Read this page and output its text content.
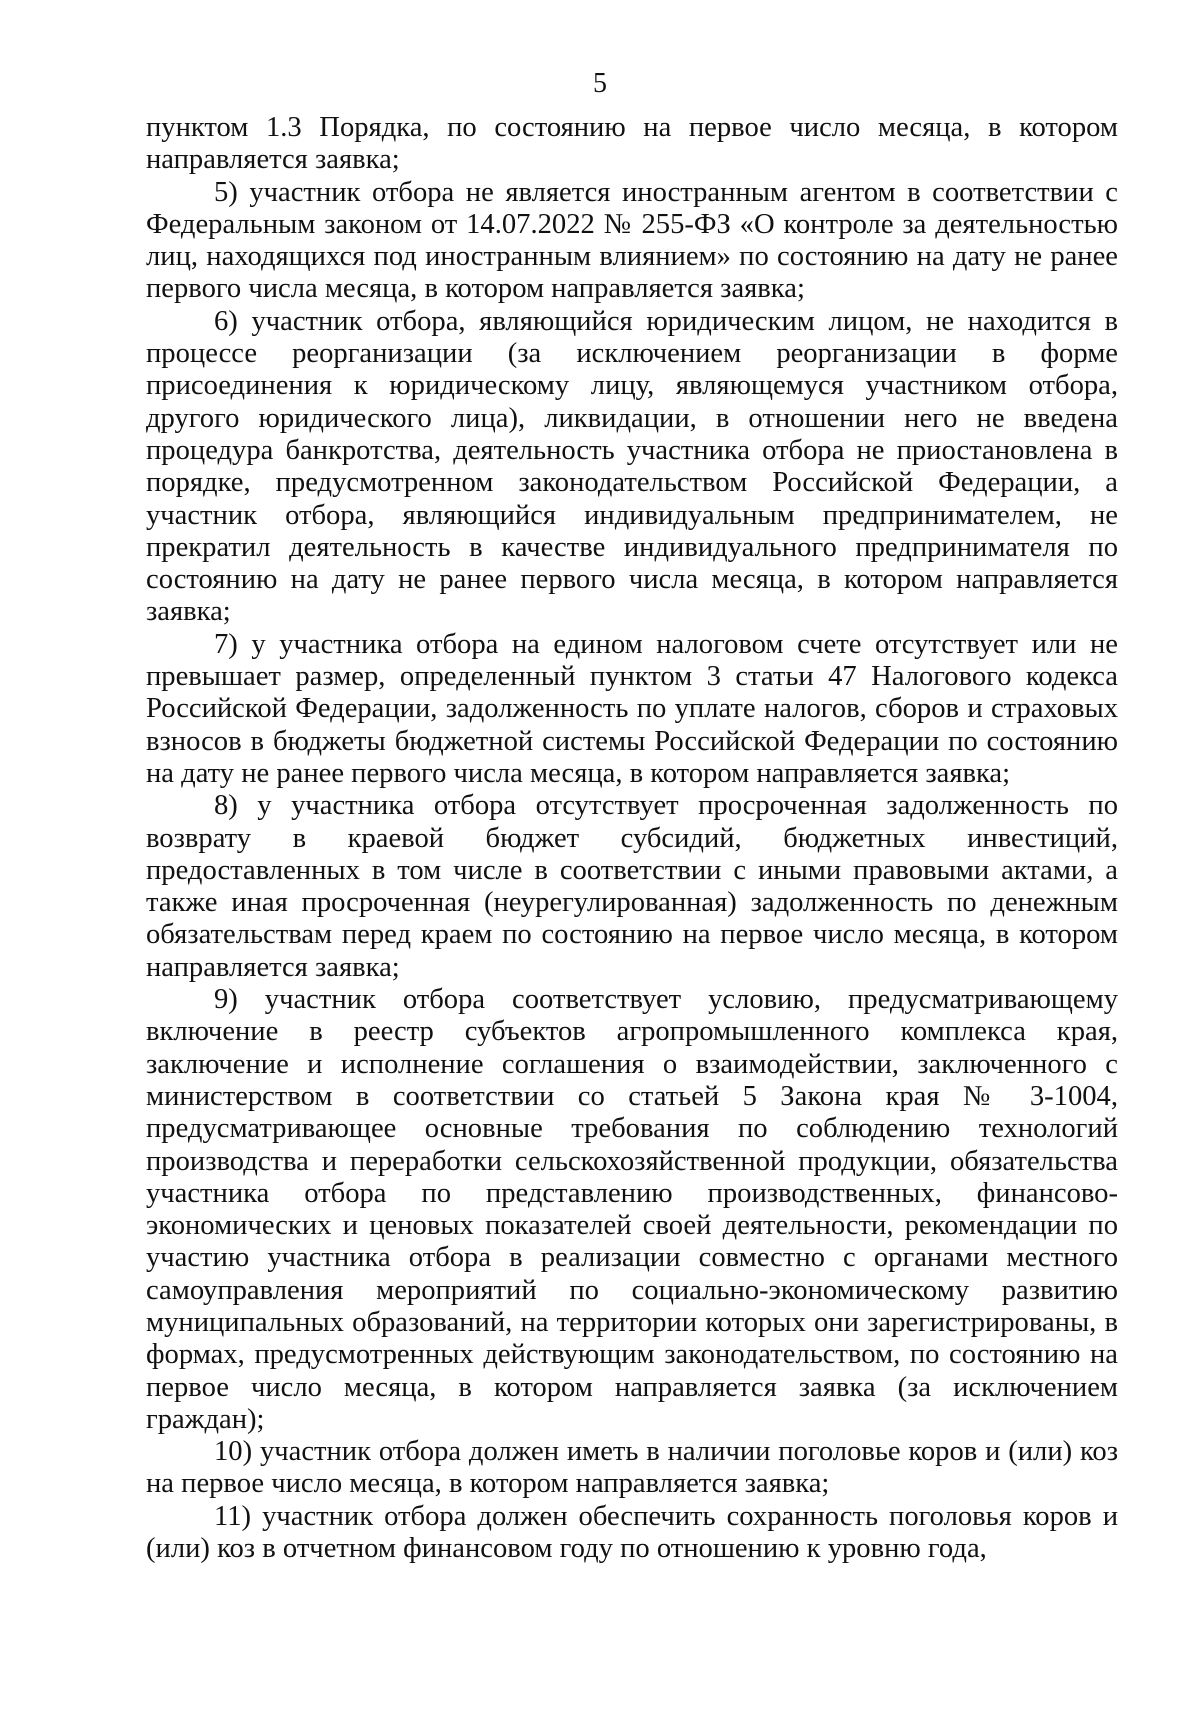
5

пунктом 1.3 Порядка, по состоянию на первое число месяца, в котором направляется заявка;

5) участник отбора не является иностранным агентом в соответствии с Федеральным законом от 14.07.2022 № 255-ФЗ «О контроле за деятельностью лиц, находящихся под иностранным влиянием» по состоянию на дату не ранее первого числа месяца, в котором направляется заявка;

6) участник отбора, являющийся юридическим лицом, не находится в процессе реорганизации (за исключением реорганизации в форме присоединения к юридическому лицу, являющемуся участником отбора, другого юридического лица), ликвидации, в отношении него не введена процедура банкротства, деятельность участника отбора не приостановлена в порядке, предусмотренном законодательством Российской Федерации, а участник отбора, являющийся индивидуальным предпринимателем, не прекратил деятельность в качестве индивидуального предпринимателя по состоянию на дату не ранее первого числа месяца, в котором направляется заявка;

7) у участника отбора на едином налоговом счете отсутствует или не превышает размер, определенный пунктом 3 статьи 47 Налогового кодекса Российской Федерации, задолженность по уплате налогов, сборов и страховых взносов в бюджеты бюджетной системы Российской Федерации по состоянию на дату не ранее первого числа месяца, в котором направляется заявка;

8) у участника отбора отсутствует просроченная задолженность по возврату в краевой бюджет субсидий, бюджетных инвестиций, предоставленных в том числе в соответствии с иными правовыми актами, а также иная просроченная (неурегулированная) задолженность по денежным обязательствам перед краем по состоянию на первое число месяца, в котором направляется заявка;

9) участник отбора соответствует условию, предусматривающему включение в реестр субъектов агропромышленного комплекса края, заключение и исполнение соглашения о взаимодействии, заключенного с министерством в соответствии со статьей 5 Закона края № 3-1004, предусматривающее основные требования по соблюдению технологий производства и переработки сельскохозяйственной продукции, обязательства участника отбора по представлению производственных, финансово-экономических и ценовых показателей своей деятельности, рекомендации по участию участника отбора в реализации совместно с органами местного самоуправления мероприятий по социально-экономическому развитию муниципальных образований, на территории которых они зарегистрированы, в формах, предусмотренных действующим законодательством, по состоянию на первое число месяца, в котором направляется заявка (за исключением граждан);

10) участник отбора должен иметь в наличии поголовье коров и (или) коз на первое число месяца, в котором направляется заявка;

11) участник отбора должен обеспечить сохранность поголовья коров и (или) коз в отчетном финансовом году по отношению к уровню года,
